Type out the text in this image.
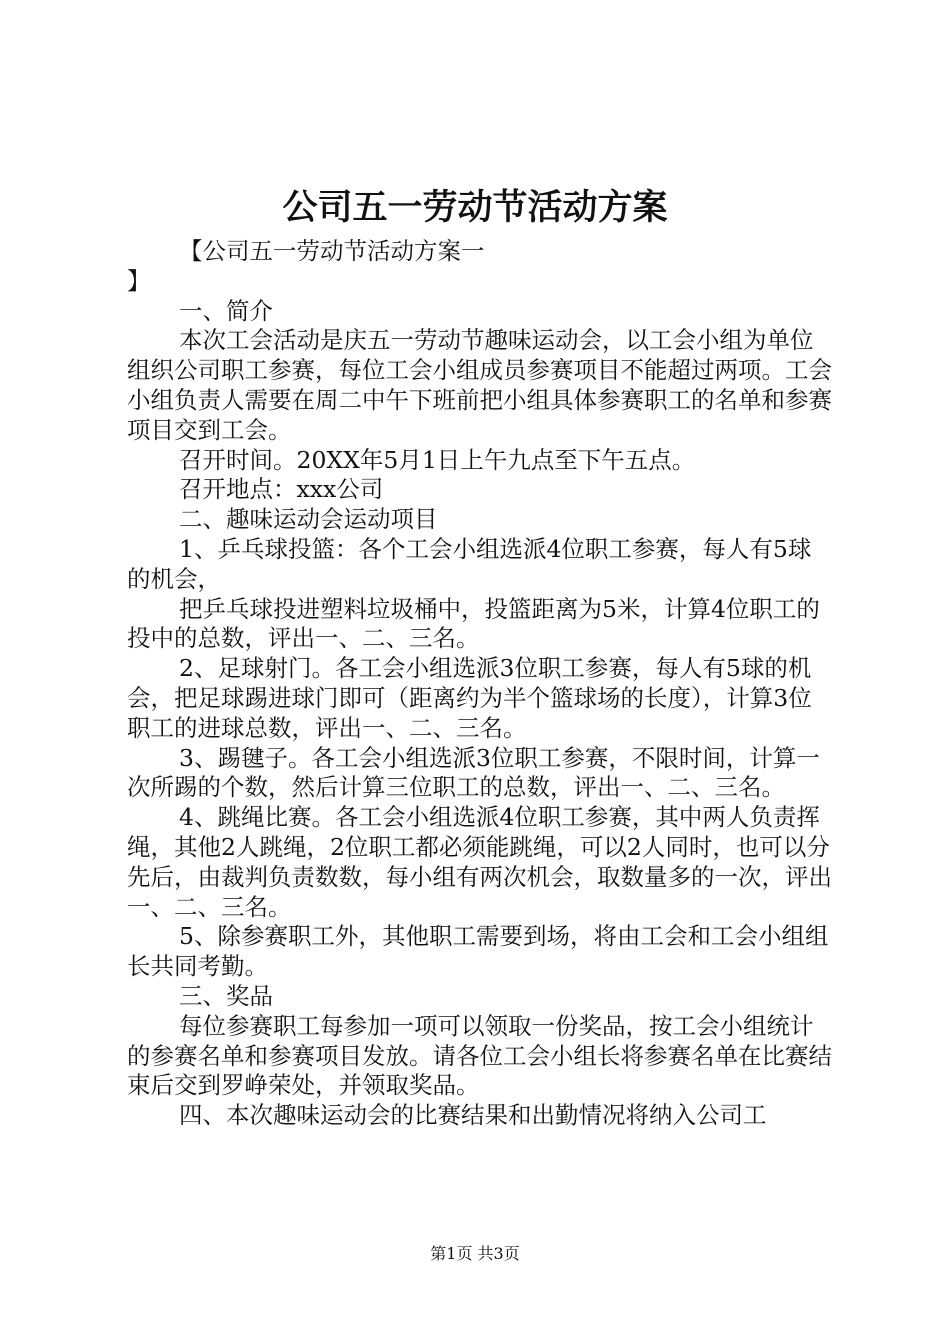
公司五一劳动节活动方案

【公司五一劳动节活动方案一
】

一、简介

本次工会活动是庆五一劳动节趣味运动会，以工会小组为单位组织公司职工参赛，每位工会小组成员参赛项目不能超过两项。工会小组负责人需要在周二中午下班前把小组具体参赛职工的名单和参赛项目交到工会。

召开时间。20XX年5月1日上午九点至下午五点。

召开地点：xxx公司

二、趣味运动会运动项目

1、乒乓球投篮：各个工会小组选派4位职工参赛，每人有5球的机会，

把乒乓球投进塑料垃圾桶中，投篮距离为5米，计算4位职工的投中的总数，评出一、二、三名。

2、足球射门。各工会小组选派3位职工参赛，每人有5球的机会，把足球踢进球门即可（距离约为半个篮球场的长度），计算3位职工的进球总数，评出一、二、三名。

3、踢毽子。各工会小组选派3位职工参赛，不限时间，计算一次所踢的个数，然后计算三位职工的总数，评出一、二、三名。

4、跳绳比赛。各工会小组选派4位职工参赛，其中两人负责挥绳，其他2人跳绳，2位职工都必须能跳绳，可以2人同时，也可以分先后，由裁判负责数数，每小组有两次机会，取数量多的一次，评出一、二、三名。

5、除参赛职工外，其他职工需要到场，将由工会和工会小组组长共同考勤。

三、奖品

每位参赛职工每参加一项可以领取一份奖品，按工会小组统计的参赛名单和参赛项目发放。请各位工会小组长将参赛名单在比赛结束后交到罗峥荣处，并领取奖品。

四、本次趣味运动会的比赛结果和出勤情况将纳入公司工

第1页 共3页
